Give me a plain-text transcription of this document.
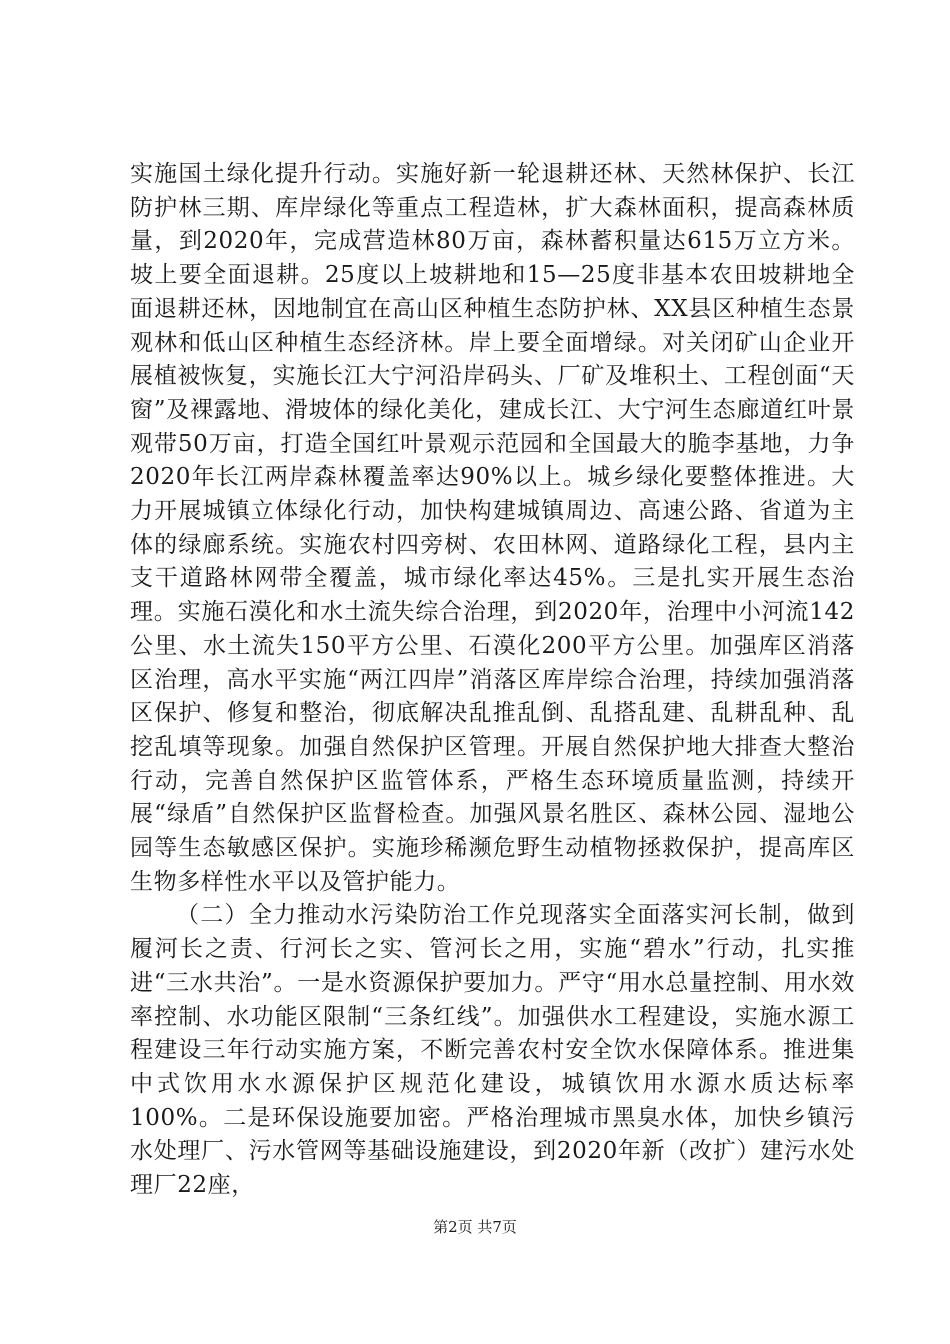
实施国土绿化提升行动。实施好新一轮退耕还林、天然林保护、长江防护林三期、库岸绿化等重点工程造林，扩大森林面积，提高森林质量，到2020年，完成营造林80万亩，森林蓄积量达615万立方米。坡上要全面退耕。25度以上坡耕地和15—25度非基本农田坡耕地全面退耕还林，因地制宜在高山区种植生态防护林、XX县区种植生态景观林和低山区种植生态经济林。岸上要全面增绿。对关闭矿山企业开展植被恢复，实施长江大宁河沿岸码头、厂矿及堆积土、工程创面“天窗”及裸露地、滑坡体的绿化美化，建成长江、大宁河生态廊道红叶景观带50万亩，打造全国红叶景观示范园和全国最大的脆李基地，力争2020年长江两岸森林覆盖率达90%以上。城乡绿化要整体推进。大力开展城镇立体绿化行动，加快构建城镇周边、高速公路、省道为主体的绿廊系统。实施农村四旁树、农田林网、道路绿化工程，县内主支干道路林网带全覆盖，城市绿化率达45%。三是扎实开展生态治理。实施石漠化和水土流失综合治理，到2020年，治理中小河流142公里、水土流失150平方公里、石漠化200平方公里。加强库区消落区治理，高水平实施“两江四岸”消落区库岸综合治理，持续加强消落区保护、修复和整治，彻底解决乱推乱倒、乱搭乱建、乱耕乱种、乱挖乱填等现象。加强自然保护区管理。开展自然保护地大排查大整治行动，完善自然保护区监管体系，严格生态环境质量监测，持续开展“绿盾”自然保护区监督检查。加强风景名胜区、森林公园、湿地公园等生态敏感区保护。实施珍稀濒危野生动植物拯救保护，提高库区生物多样性水平以及管护能力。

（二）全力推动水污染防治工作兑现落实全面落实河长制，做到履河长之责、行河长之实、管河长之用，实施“碧水”行动，扎实推进“三水共治”。一是水资源保护要加力。严守“用水总量控制、用水效率控制、水功能区限制“三条红线”。加强供水工程建设，实施水源工程建设三年行动实施方案，不断完善农村安全饮水保障体系。推进集中式饮用水水源保护区规范化建设，城镇饮用水源水质达标率100%。二是环保设施要加密。严格治理城市黑臭水体，加快乡镇污水处理厂、污水管网等基础设施建设，到2020年新（改扩）建污水处理厂22座，

第2页 共7页
